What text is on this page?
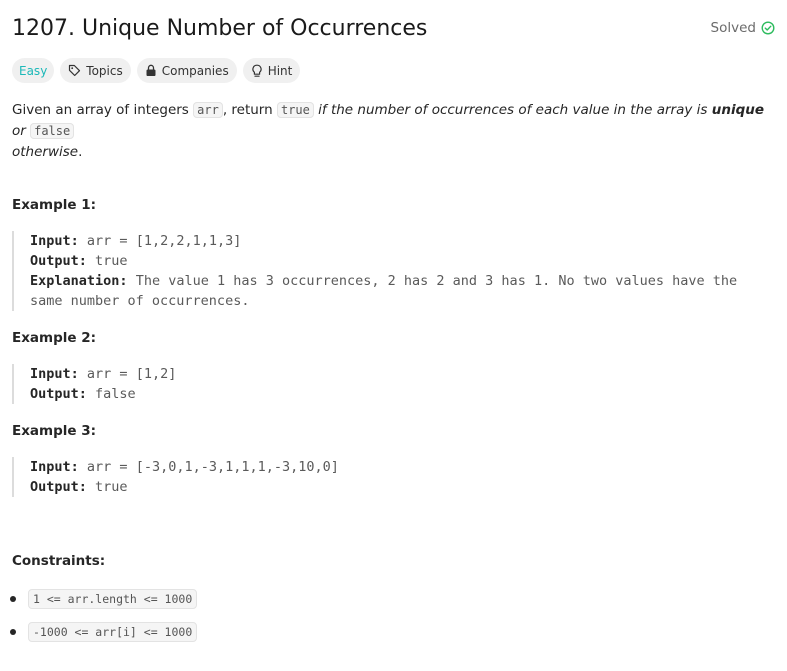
1207. Unique Number of Occurrences	Solved
Easy	Topics	Companies	Hint
Given an array of integers arr , return true if the number of occurrences of each value in the array is unique or false
otherwise.
Example 1:
Input: arr = [1,2,2,1,1,3]
Output: true
Explanation: The value 1 has 3 occurrences, 2 has 2 and 3 has 1. No two values have the same number of occurrences.
Example 2:
Input: arr = [1,2]
Output: false
Example 3:
Input: arr = [-3,0,1,-3,1,1,1,-3,10,0]
Output: true
Constraints:
1 <= arr.length <= 1000
-1000 <= arr[i] <= 1000
